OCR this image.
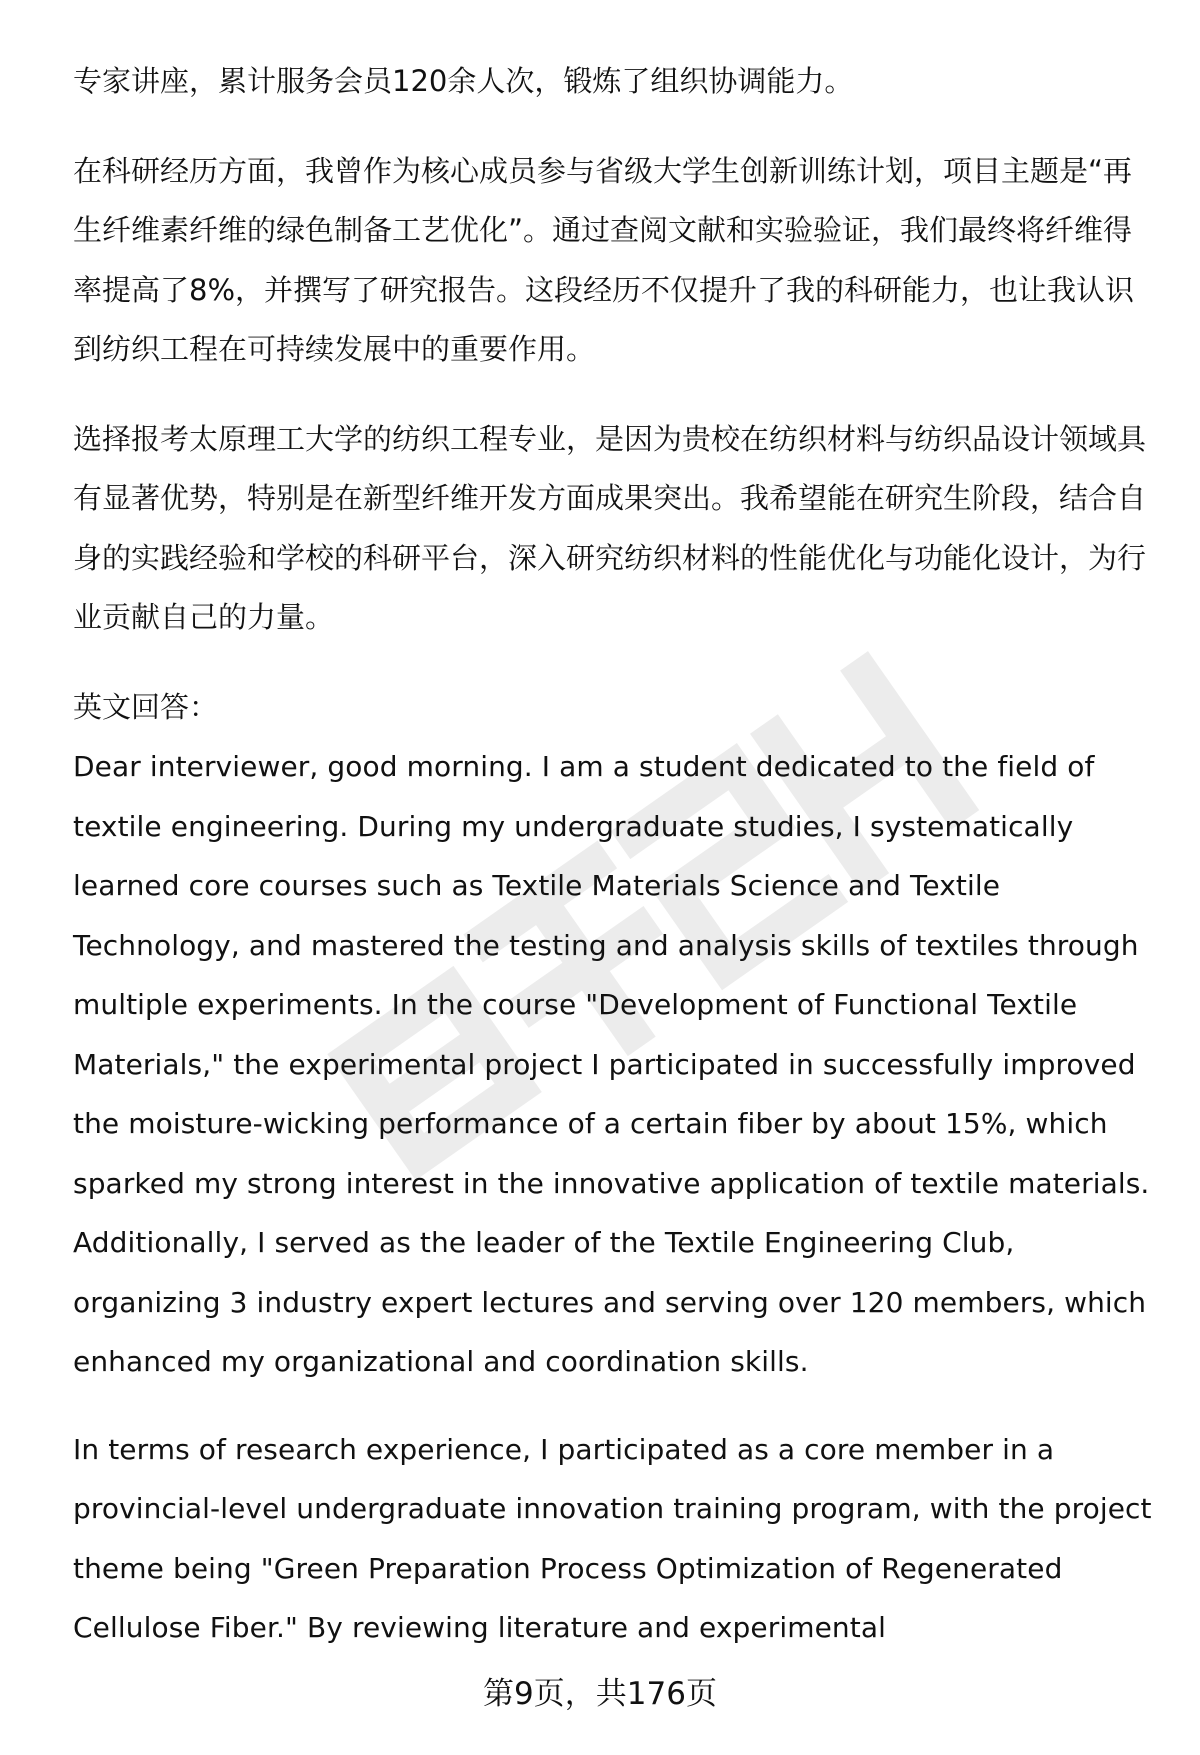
专家讲座，累计服务会员120余人次，锻炼了组织协调能力。

在科研经历方面，我曾作为核心成员参与省级大学生创新训练计划，项目主题是“再生纤维素纤维的绿色制备工艺优化”。通过查阅文献和实验验证，我们最终将纤维得率提高了8%，并撰写了研究报告。这段经历不仅提升了我的科研能力，也让我认识到纺织工程在可持续发展中的重要作用。

选择报考太原理工大学的纺织工程专业，是因为贵校在纺织材料与纺织品设计领域具有显著优势，特别是在新型纤维开发方面成果突出。我希望能在研究生阶段，结合自身的实践经验和学校的科研平台，深入研究纺织材料的性能优化与功能化设计，为行业贡献自己的力量。

英文回答：

Dear interviewer, good morning. I am a student dedicated to the field of textile engineering. During my undergraduate studies, I systematically learned core courses such as Textile Materials Science and Textile Technology, and mastered the testing and analysis skills of textiles through multiple experiments. In the course "Development of Functional Textile Materials," the experimental project I participated in successfully improved the moisture-wicking performance of a certain fiber by about 15%, which sparked my strong interest in the innovative application of textile materials. Additionally, I served as the leader of the Textile Engineering Club, organizing 3 industry expert lectures and serving over 120 members, which enhanced my organizational and coordination skills.

In terms of research experience, I participated as a core member in a provincial-level undergraduate innovation training program, with the project theme being "Green Preparation Process Optimization of Regenerated Cellulose Fiber." By reviewing literature and experimental

第9页，共176页
